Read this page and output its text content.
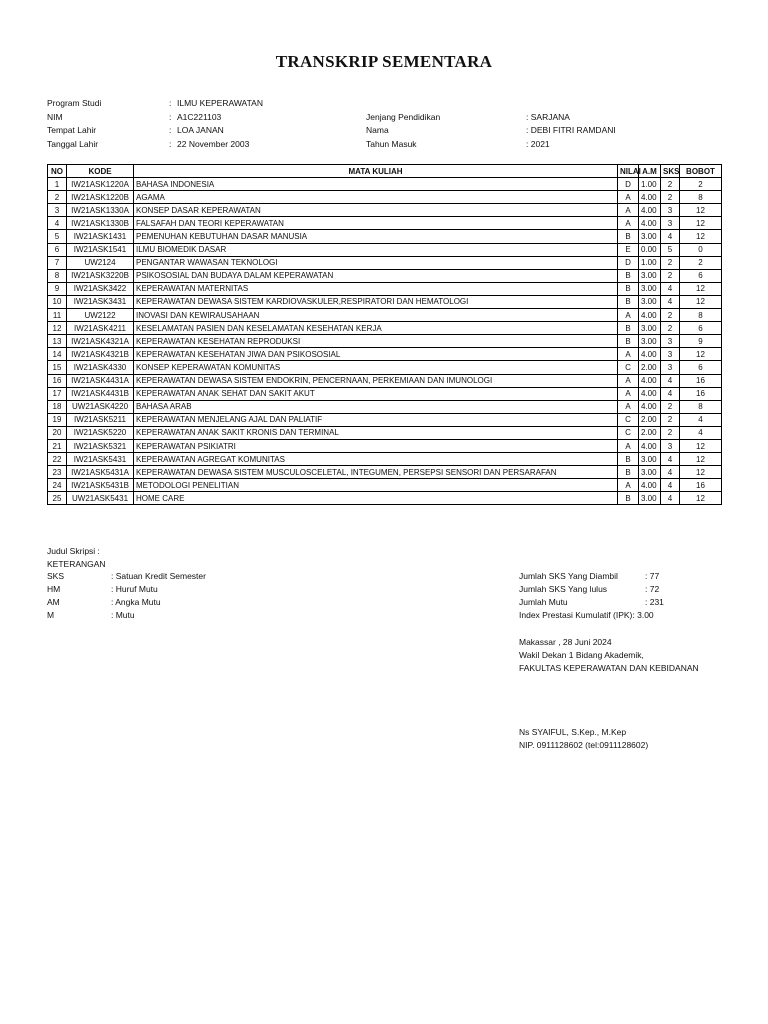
TRANSKRIP SEMENTARA
Program Studi	: ILMU KEPERAWATAN
NIM	: A1C221103
Tempat Lahir	: LOA JANAN
Tanggal Lahir	: 22 November 2003
Jenjang Pendidikan	: SARJANA
Nama	: DEBI FITRI RAMDANI
Tahun Masuk	: 2021
NO	KODE	MATA KULIAH	NILAI	A.M	SKS	BOBOT
1	IW21ASK1220A	BAHASA INDONESIA	D	1.00	2	2
2	IW21ASK1220B	AGAMA	A	4.00	2	8
3	IW21ASK1330A	KONSEP DASAR KEPERAWATAN	A	4.00	3	12
4	IW21ASK1330B	FALSAFAH DAN TEORI KEPERAWATAN	A	4.00	3	12
5	IW21ASK1431	PEMENUHAN KEBUTUHAN DASAR MANUSIA	B	3.00	4	12
6	IW21ASK1541	ILMU BIOMEDIK DASAR	E	0.00	5	0
7	UW2124	PENGANTAR WAWASAN TEKNOLOGI	D	1.00	2	2
8	IW21ASK3220B	PSIKOSOSIAL DAN BUDAYA DALAM KEPERAWATAN	B	3.00	2	6
9	IW21ASK3422	KEPERAWATAN MATERNITAS	B	3.00	4	12
10	IW21ASK3431	KEPERAWATAN DEWASA SISTEM KARDIOVASKULER,RESPIRATORI DAN HEMATOLOGI	B	3.00	4	12
11	UW2122	INOVASI DAN KEWIRAUSAHAAN	A	4.00	2	8
12	IW21ASK4211	KESELAMATAN PASIEN DAN KESELAMATAN KESEHATAN KERJA	B	3.00	2	6
13	IW21ASK4321A	KEPERAWATAN KESEHATAN REPRODUKSI	B	3.00	3	9
14	IW21ASK4321B	KEPERAWATAN KESEHATAN JIWA DAN PSIKOSOSIAL	A	4.00	3	12
15	IW21ASK4330	KONSEP KEPERAWATAN KOMUNITAS	C	2.00	3	6
16	IW21ASK4431A	KEPERAWATAN DEWASA SISTEM ENDOKRIN, PENCERNAAN, PERKEMIAAN DAN IMUNOLOGI	A	4.00	4	16
17	IW21ASK4431B	KEPERAWATAN ANAK SEHAT DAN SAKIT AKUT	A	4.00	4	16
18	UW21ASK4220	BAHASA ARAB	A	4.00	2	8
19	IW21ASK5211	KEPERAWATAN MENJELANG AJAL DAN PALIATIF	C	2.00	2	4
20	IW21ASK5220	KEPERAWATAN ANAK SAKIT KRONIS DAN TERMINAL	C	2.00	2	4
21	IW21ASK5321	KEPERAWATAN PSIKIATRI	A	4.00	3	12
22	IW21ASK5431	KEPERAWATAN AGREGAT KOMUNITAS	B	3.00	4	12
23	IW21ASK5431A	KEPERAWATAN DEWASA SISTEM MUSCULOSCELETAL, INTEGUMEN, PERSEPSI SENSORI DAN PERSARAFAN	B	3.00	4	12
24	IW21ASK5431B	METODOLOGI PENELITIAN	A	4.00	4	16
25	UW21ASK5431	HOME CARE	B	3.00	4	12
Judul Skripsi :
KETERANGAN
SKS	: Satuan Kredit Semester
HM	: Huruf Mutu
AM	: Angka Mutu
M	: Mutu
Jumlah SKS Yang Diambil	: 77
Jumlah SKS Yang lulus	: 72
Jumlah Mutu	: 231
Index Prestasi Kumulatif (IPK): 3.00
Makassar , 28 Juni 2024
Wakil Dekan 1 Bidang Akademik,
FAKULTAS KEPERAWATAN DAN KEBIDANAN
Ns SYAIFUL, S.Kep., M.Kep
NIP. 0911128602 (tel:0911128602)
